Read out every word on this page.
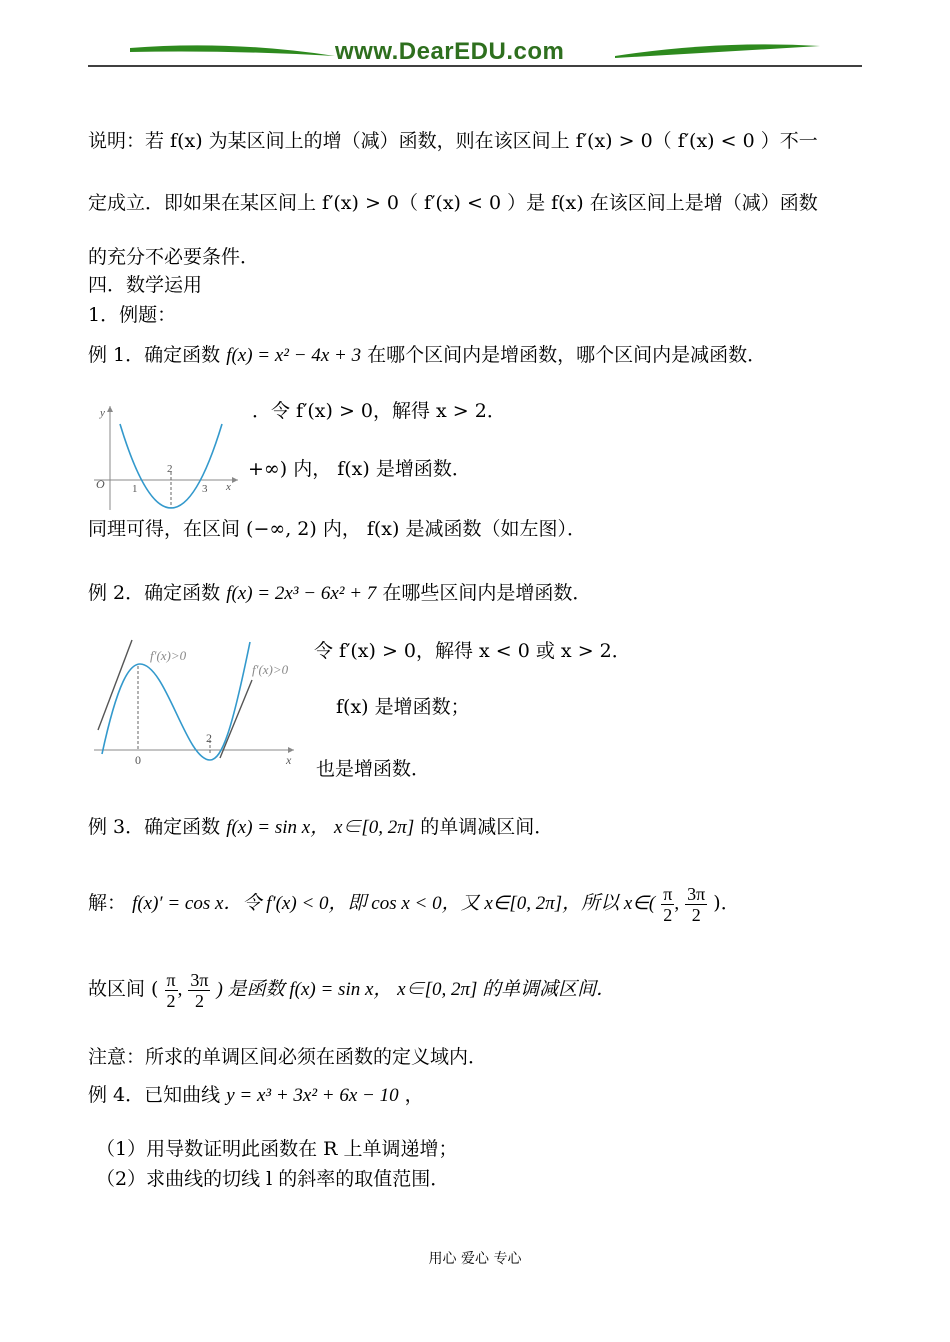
www.DearEDU.com
说明：若 f(x) 为某区间上的增（减）函数，则在该区间上 f′(x) > 0（ f′(x) < 0 ）不一
定成立．即如果在某区间上 f′(x) > 0（ f′(x) < 0 ）是 f(x) 在该区间上是增（减）函数
的充分不必要条件．
四．数学运用
1．例题：
例 1．确定函数 f(x) = x² − 4x + 3 在哪个区间内是增函数，哪个区间内是减函数．
．令 f′(x) > 0，解得 x > 2．
+∞) 内， f(x) 是增函数．
同理可得，在区间 (−∞, 2) 内， f(x) 是减函数（如左图）．
y
O	x
1
2
3
例 2．确定函数 f(x) = 2x³ − 6x² + 7 在哪些区间内是增函数．
令 f′(x) > 0，解得 x < 0 或 x > 2．
f(x) 是增函数；
也是增函数．
f′(x)>0
f′(x)>0
0
2
x
例 3．确定函数 f(x) = sin x， x∈[0, 2π] 的单调减区间．
解： f(x)′ = cos x．令 f′(x) < 0，即 cos x < 0，又 x∈[0, 2π]，所以 x∈( $\frac{\pi}{2}$ , $\frac{3\pi}{2}$ )．
故区间 ( $\frac{\pi}{2}$ , $\frac{3\pi}{2}$ ) 是函数 f(x) = sin x， x∈[0, 2π] 的单调减区间．
注意：所求的单调区间必须在函数的定义域内．
例 4．已知曲线 y = x³ + 3x² + 6x − 10 ，
（1）用导数证明此函数在 R 上单调递增；
（2）求曲线的切线 l 的斜率的取值范围．
用心 爱心 专心
